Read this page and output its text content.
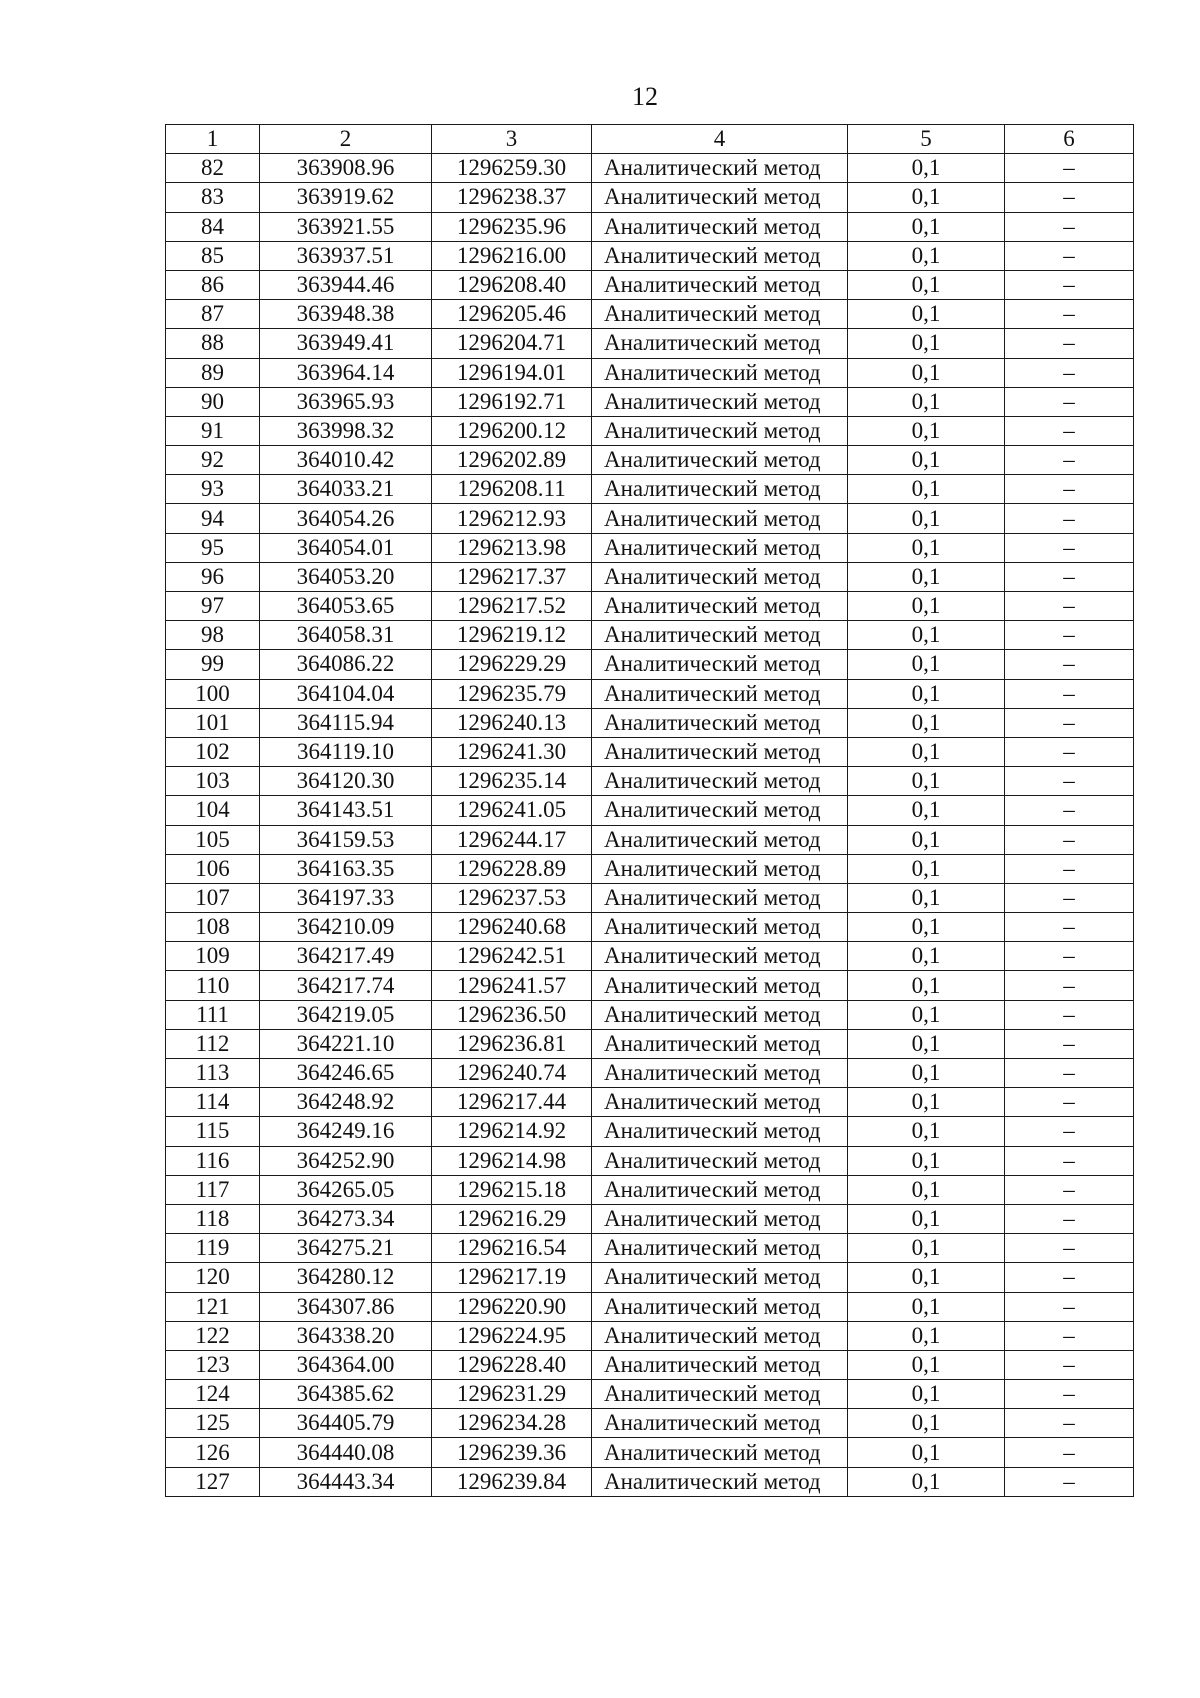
12
1	2	3	4	5	6
82	363908.96	1296259.30	Аналитический метод	0,1	–
83	363919.62	1296238.37	Аналитический метод	0,1	–
84	363921.55	1296235.96	Аналитический метод	0,1	–
85	363937.51	1296216.00	Аналитический метод	0,1	–
86	363944.46	1296208.40	Аналитический метод	0,1	–
87	363948.38	1296205.46	Аналитический метод	0,1	–
88	363949.41	1296204.71	Аналитический метод	0,1	–
89	363964.14	1296194.01	Аналитический метод	0,1	–
90	363965.93	1296192.71	Аналитический метод	0,1	–
91	363998.32	1296200.12	Аналитический метод	0,1	–
92	364010.42	1296202.89	Аналитический метод	0,1	–
93	364033.21	1296208.11	Аналитический метод	0,1	–
94	364054.26	1296212.93	Аналитический метод	0,1	–
95	364054.01	1296213.98	Аналитический метод	0,1	–
96	364053.20	1296217.37	Аналитический метод	0,1	–
97	364053.65	1296217.52	Аналитический метод	0,1	–
98	364058.31	1296219.12	Аналитический метод	0,1	–
99	364086.22	1296229.29	Аналитический метод	0,1	–
100	364104.04	1296235.79	Аналитический метод	0,1	–
101	364115.94	1296240.13	Аналитический метод	0,1	–
102	364119.10	1296241.30	Аналитический метод	0,1	–
103	364120.30	1296235.14	Аналитический метод	0,1	–
104	364143.51	1296241.05	Аналитический метод	0,1	–
105	364159.53	1296244.17	Аналитический метод	0,1	–
106	364163.35	1296228.89	Аналитический метод	0,1	–
107	364197.33	1296237.53	Аналитический метод	0,1	–
108	364210.09	1296240.68	Аналитический метод	0,1	–
109	364217.49	1296242.51	Аналитический метод	0,1	–
110	364217.74	1296241.57	Аналитический метод	0,1	–
111	364219.05	1296236.50	Аналитический метод	0,1	–
112	364221.10	1296236.81	Аналитический метод	0,1	–
113	364246.65	1296240.74	Аналитический метод	0,1	–
114	364248.92	1296217.44	Аналитический метод	0,1	–
115	364249.16	1296214.92	Аналитический метод	0,1	–
116	364252.90	1296214.98	Аналитический метод	0,1	–
117	364265.05	1296215.18	Аналитический метод	0,1	–
118	364273.34	1296216.29	Аналитический метод	0,1	–
119	364275.21	1296216.54	Аналитический метод	0,1	–
120	364280.12	1296217.19	Аналитический метод	0,1	–
121	364307.86	1296220.90	Аналитический метод	0,1	–
122	364338.20	1296224.95	Аналитический метод	0,1	–
123	364364.00	1296228.40	Аналитический метод	0,1	–
124	364385.62	1296231.29	Аналитический метод	0,1	–
125	364405.79	1296234.28	Аналитический метод	0,1	–
126	364440.08	1296239.36	Аналитический метод	0,1	–
127	364443.34	1296239.84	Аналитический метод	0,1	–
